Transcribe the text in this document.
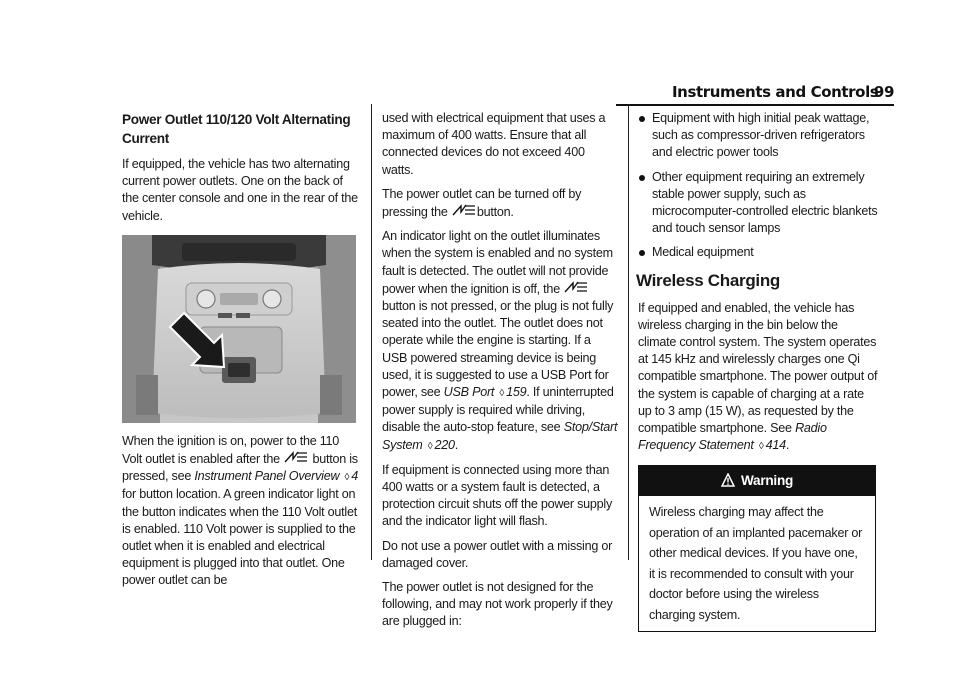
Instruments and Controls
99
Power Outlet 110/120 Volt Alternating Current

If equipped, the vehicle has two alternating current power outlets. One on the back of the center console and one in the rear of the vehicle.

When the ignition is on, power to the 110 Volt outlet is enabled after the	button is pressed, see Instrument Panel Overview ◊ 4 for button location. A green indicator light on the button indicates when the 110 Volt outlet is enabled. 110 Volt power is supplied to the outlet when it is enabled and electrical equipment is plugged into that outlet. One power outlet can be

used with electrical equipment that uses a maximum of 400 watts. Ensure that all connected devices do not exceed 400 watts.

The power outlet can be turned off by pressing the button.

An indicator light on the outlet illuminates when the system is enabled and no system fault is detected. The outlet will not provide power when the ignition is off, the  button is not pressed, or the plug is not fully seated into the outlet. The outlet does not operate while the engine is starting. If a USB powered streaming device is being used, it is suggested to use a USB Port for power, see USB Port ◊ 159. If uninterrupted power supply is required while driving, disable the auto-stop feature, see Stop/Start System ◊ 220.

If equipment is connected using more than 400 watts or a system fault is detected, a protection circuit shuts off the power supply and the indicator light will flash.

Do not use a power outlet with a missing or damaged cover.

The power outlet is not designed for the following, and may not work properly if they are plugged in:

Equipment with high initial peak wattage, such as compressor-driven refrigerators and electric power tools
Other equipment requiring an extremely stable power supply, such as microcomputer-controlled electric blankets and touch sensor lamps
Medical equipment
Wireless Charging

If equipped and enabled, the vehicle has wireless charging in the bin below the climate control system. The system operates at 145 kHz and wirelessly charges one Qi compatible smartphone. The power output of the system is capable of charging at a rate up to 3 amp (15 W), as requested by the compatible smartphone. See Radio Frequency Statement ◊ 414.

Warning
Wireless charging may affect the operation of an implanted pacemaker or other medical devices. If you have one, it is recommended to consult with your doctor before using the wireless charging system.
